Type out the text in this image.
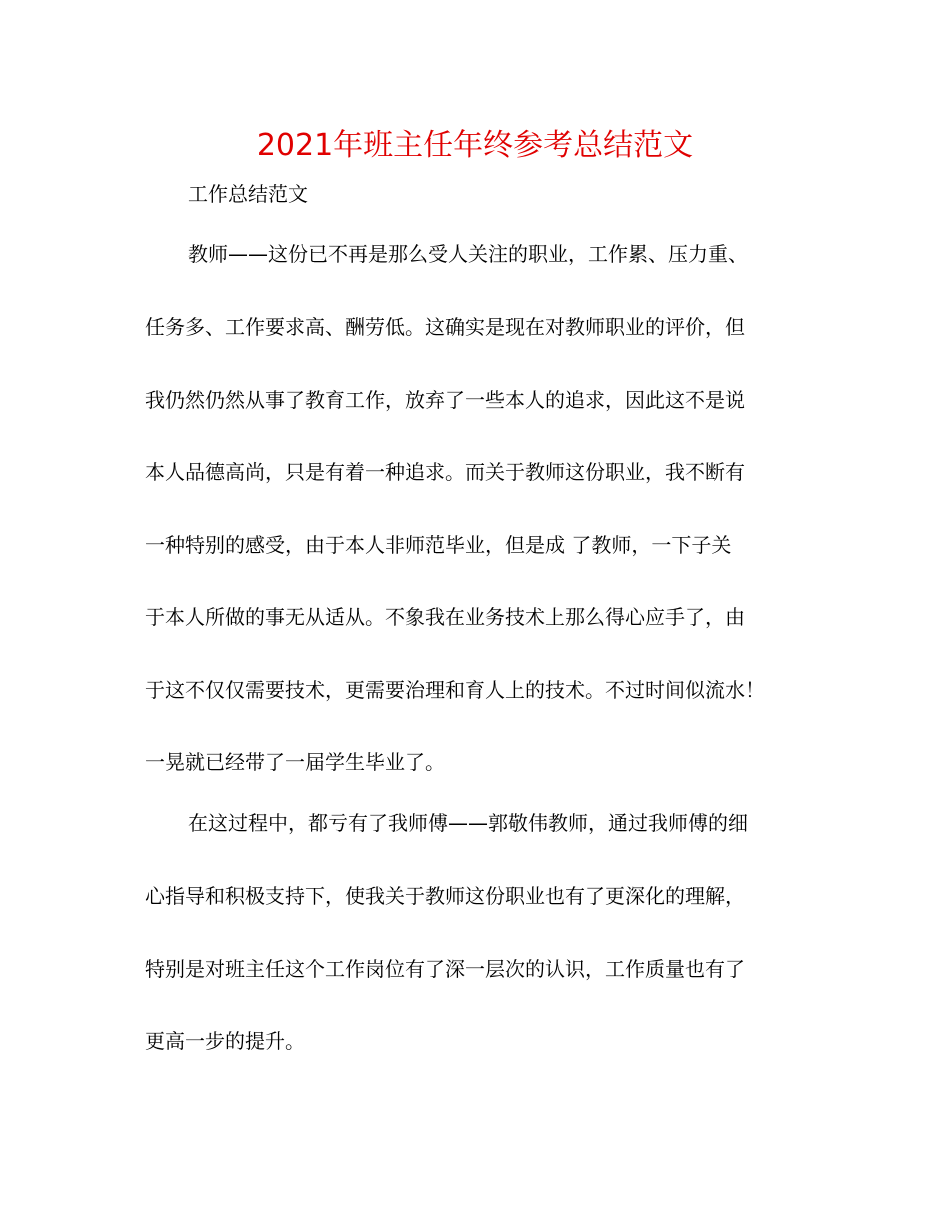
2021年班主任年终参考总结范文
工作总结范文
教师——这份已不再是那么受人关注的职业，工作累、压力重、
任务多、工作要求高、酬劳低。这确实是现在对教师职业的评价，但
我仍然仍然从事了教育工作，放弃了一些本人的追求，因此这不是说
本人品德高尚，只是有着一种追求。而关于教师这份职业，我不断有
一种特别的感受，由于本人非师范毕业，但是成 了教师，一下子关
于本人所做的事无从适从。不象我在业务技术上那么得心应手了，由
于这不仅仅需要技术，更需要治理和育人上的技术。不过时间似流水！
一晃就已经带了一届学生毕业了。
在这过程中，都亏有了我师傅——郭敬伟教师，通过我师傅的细
心指导和积极支持下，使我关于教师这份职业也有了更深化的理解，
特别是对班主任这个工作岗位有了深一层次的认识，工作质量也有了
更高一步的提升。
